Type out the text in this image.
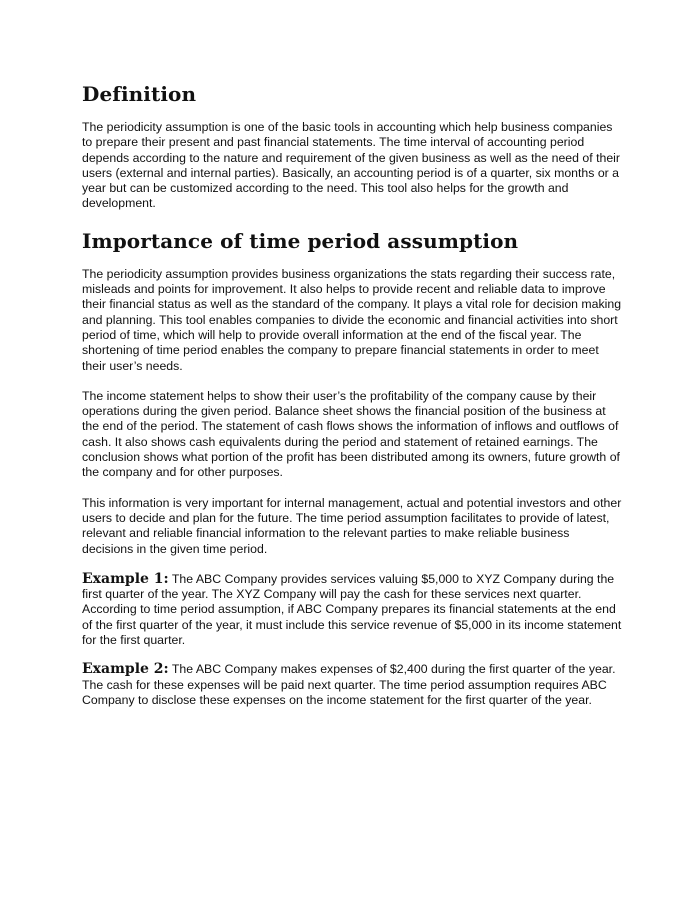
Definition

The periodicity assumption is one of the basic tools in accounting which help business companies to prepare their present and past financial statements. The time interval of accounting period depends according to the nature and requirement of the given business as well as the need of their users (external and internal parties). Basically, an accounting period is of a quarter, six months or a year but can be customized according to the need. This tool also helps for the growth and development.

Importance of time period assumption

The periodicity assumption provides business organizations the stats regarding their success rate, misleads and points for improvement. It also helps to provide recent and reliable data to improve their financial status as well as the standard of the company. It plays a vital role for decision making and planning. This tool enables companies to divide the economic and financial activities into short period of time, which will help to provide overall information at the end of the fiscal year. The shortening of time period enables the company to prepare financial statements in order to meet their user’s needs.

The income statement helps to show their user’s the profitability of the company cause by their operations during the given period. Balance sheet shows the financial position of the business at the end of the period. The statement of cash flows shows the information of inflows and outflows of cash. It also shows cash equivalents during the period and statement of retained earnings. The conclusion shows what portion of the profit has been distributed among its owners, future growth of the company and for other purposes.

This information is very important for internal management, actual and potential investors and other users to decide and plan for the future. The time period assumption facilitates to provide of latest, relevant and reliable financial information to the relevant parties to make reliable business decisions in the given time period.

Example 1: The ABC Company provides services valuing $5,000 to XYZ Company during the first quarter of the year. The XYZ Company will pay the cash for these services next quarter. According to time period assumption, if ABC Company prepares its financial statements at the end of the first quarter of the year, it must include this service revenue of $5,000 in its income statement for the first quarter.

Example 2: The ABC Company makes expenses of $2,400 during the first quarter of the year. The cash for these expenses will be paid next quarter. The time period assumption requires ABC Company to disclose these expenses on the income statement for the first quarter of the year.
